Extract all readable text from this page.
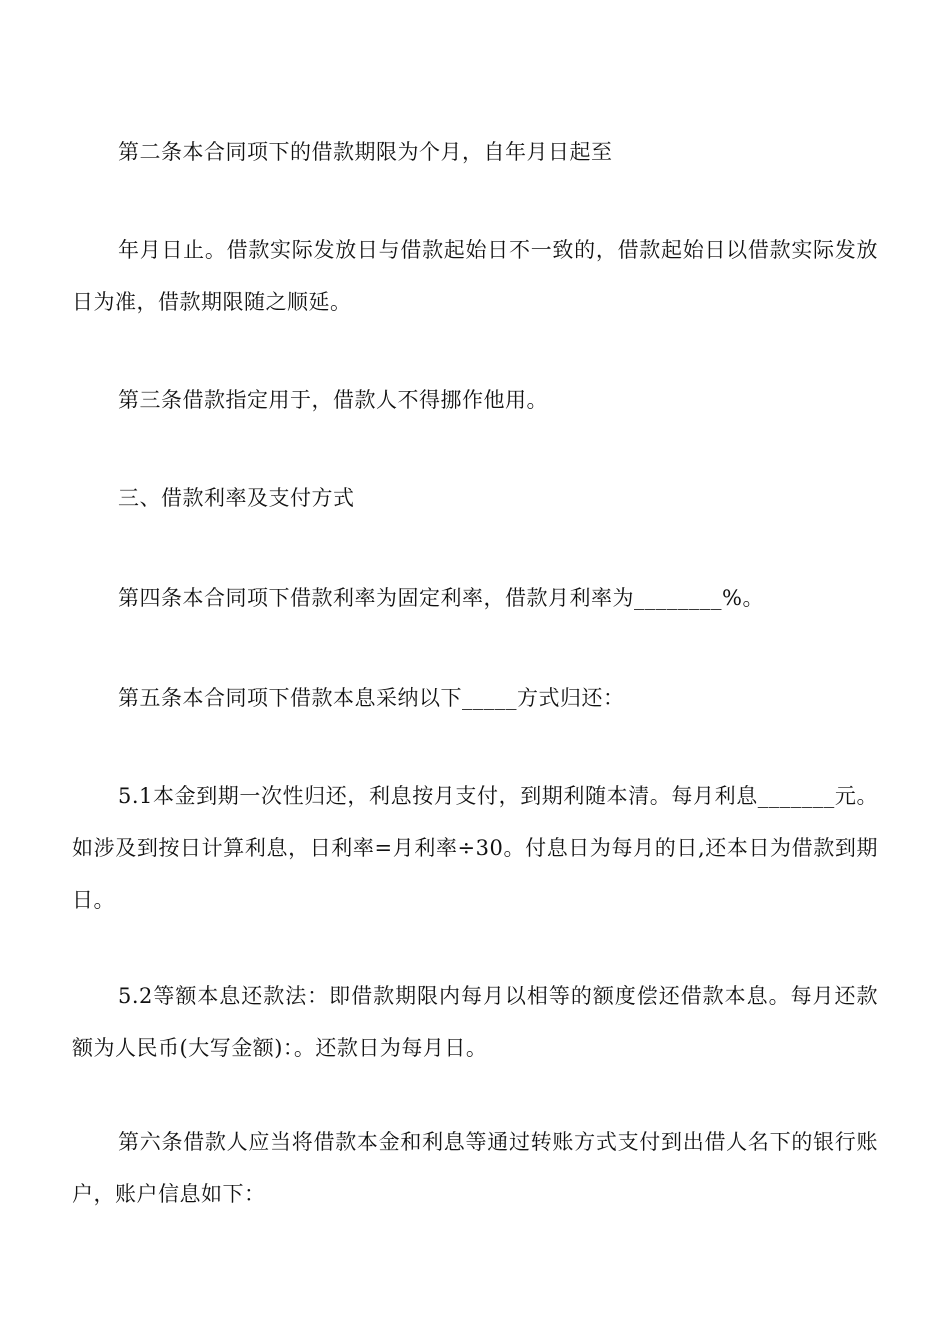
第二条本合同项下的借款期限为个月，自年月日起至

年月日止。借款实际发放日与借款起始日不一致的，借款起始日以借款实际发放日为准，借款期限随之顺延。

第三条借款指定用于，借款人不得挪作他用。

三、借款利率及支付方式

第四条本合同项下借款利率为固定利率，借款月利率为________%。

第五条本合同项下借款本息采纳以下_____方式归还：

5.1本金到期一次性归还，利息按月支付，到期利随本清。每月利息_______元。如涉及到按日计算利息，日利率=月利率÷30。付息日为每月的日,还本日为借款到期日。

5.2等额本息还款法：即借款期限内每月以相等的额度偿还借款本息。每月还款额为人民币(大写金额)：。还款日为每月日。

第六条借款人应当将借款本金和利息等通过转账方式支付到出借人名下的银行账户，账户信息如下：
